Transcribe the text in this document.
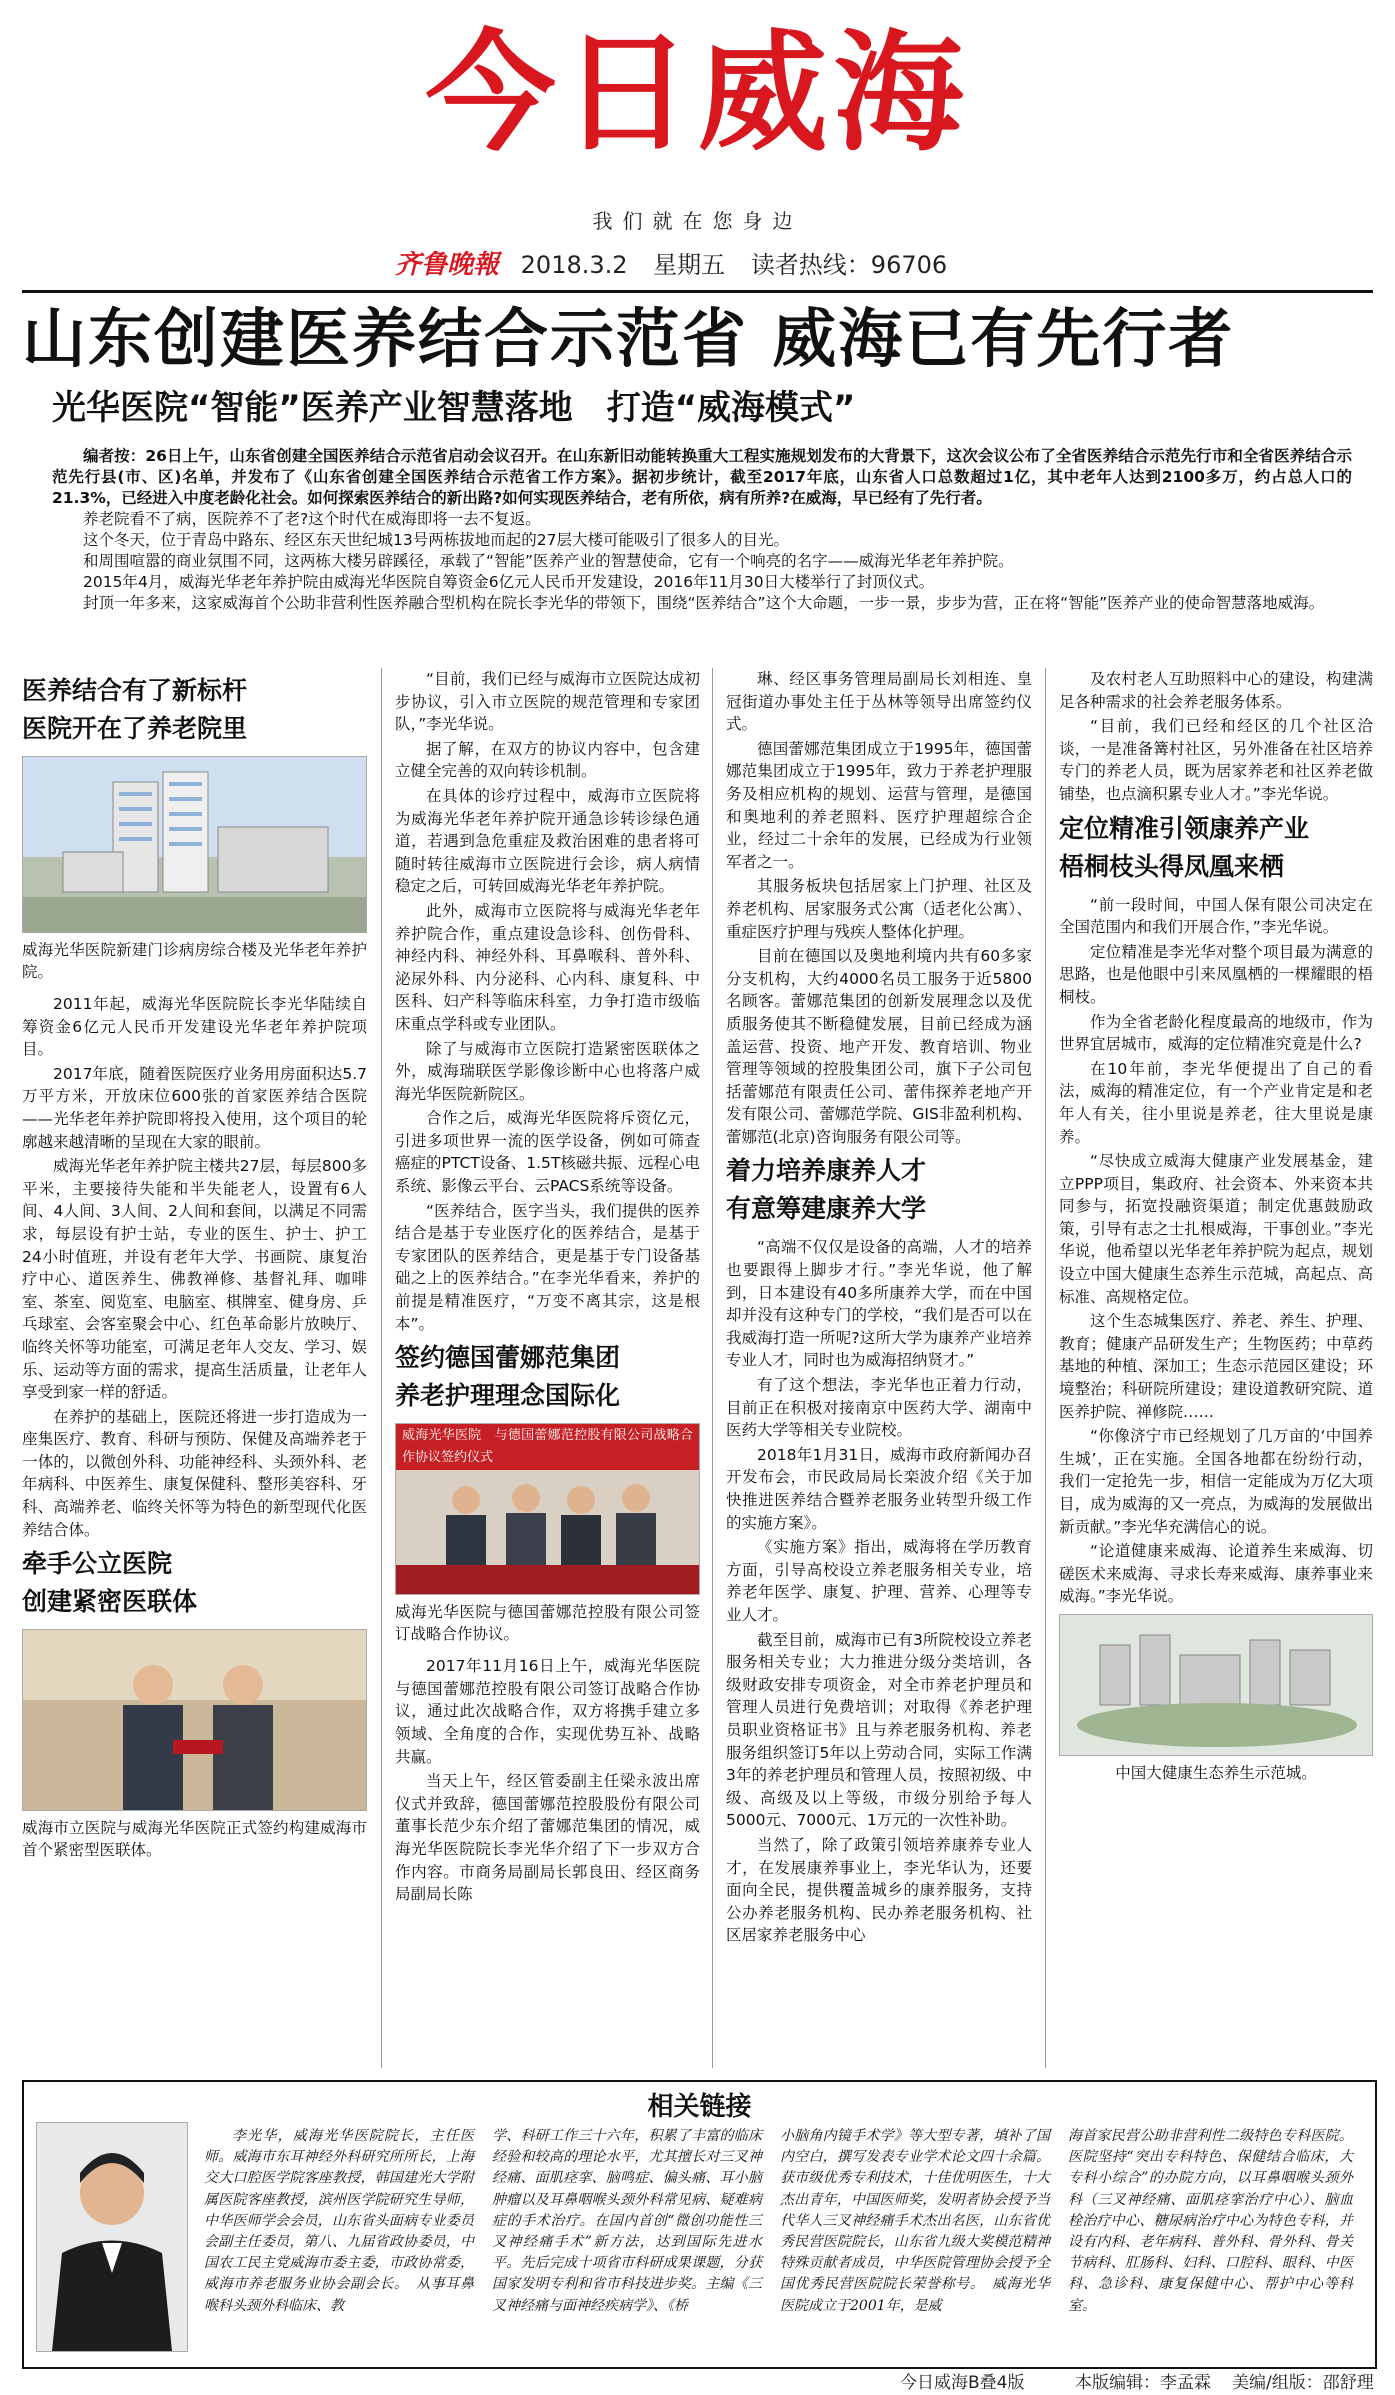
今日威海
我们就在您身边
齐鲁晚報 2018.3.2 星期五 读者热线：96706
山东创建医养结合示范省 威海已有先行者
光华医院“智能”医养产业智慧落地　打造“威海模式”

编者按：26日上午，山东省创建全国医养结合示范省启动会议召开。在山东新旧动能转换重大工程实施规划发布的大背景下，这次会议公布了全省医养结合示范先行市和全省医养结合示范先行县(市、区)名单，并发布了《山东省创建全国医养结合示范省工作方案》。据初步统计，截至2017年底，山东省人口总数超过1亿，其中老年人达到2100多万，约占总人口的21.3%，已经进入中度老龄化社会。如何探索医养结合的新出路?如何实现医养结合，老有所依，病有所养?在威海，早已经有了先行者。

养老院看不了病，医院养不了老?这个时代在威海即将一去不复返。

这个冬天，位于青岛中路东、经区东天世纪城13号两栋拔地而起的27层大楼可能吸引了很多人的目光。

和周围喧嚣的商业氛围不同，这两栋大楼另辟蹊径，承载了“智能”医养产业的智慧使命，它有一个响亮的名字——威海光华老年养护院。

2015年4月，威海光华老年养护院由威海光华医院自筹资金6亿元人民币开发建设，2016年11月30日大楼举行了封顶仪式。

封顶一年多来，这家威海首个公助非营利性医养融合型机构在院长李光华的带领下，围绕“医养结合”这个大命题，一步一景，步步为营，正在将“智能”医养产业的使命智慧落地威海。

医养结合有了新标杆
医院开在了养老院里
威海光华医院新建门诊病房综合楼及光华老年养护院。

2011年起，威海光华医院院长李光华陆续自筹资金6亿元人民币开发建设光华老年养护院项目。

2017年底，随着医院医疗业务用房面积达5.7万平方米，开放床位600张的首家医养结合医院——光华老年养护院即将投入使用，这个项目的轮廓越来越清晰的呈现在大家的眼前。

威海光华老年养护院主楼共27层，每层800多平米，主要接待失能和半失能老人，设置有6人间、4人间、3人间、2人间和套间，以满足不同需求，每层设有护士站，专业的医生、护士、护工24小时值班，并设有老年大学、书画院、康复治疗中心、道医养生、佛教禅修、基督礼拜、咖啡室、茶室、阅览室、电脑室、棋牌室、健身房、乒乓球室、会客室聚会中心、红色革命影片放映厅、临终关怀等功能室，可满足老年人交友、学习、娱乐、运动等方面的需求，提高生活质量，让老年人享受到家一样的舒适。

在养护的基础上，医院还将进一步打造成为一座集医疗、教育、科研与预防、保健及高端养老于一体的，以微创外科、功能神经科、头颈外科、老年病科、中医养生、康复保健科、整形美容科、牙科、高端养老、临终关怀等为特色的新型现代化医养结合体。

牵手公立医院
创建紧密医联体
威海市立医院与威海光华医院正式签约构建威海市首个紧密型医联体。

“目前，我们已经与威海市立医院达成初步协议，引入市立医院的规范管理和专家团队，”李光华说。

据了解，在双方的协议内容中，包含建立健全完善的双向转诊机制。

在具体的诊疗过程中，威海市立医院将为威海光华老年养护院开通急诊转诊绿色通道，若遇到急危重症及救治困难的患者将可随时转往威海市立医院进行会诊，病人病情稳定之后，可转回威海光华老年养护院。

此外，威海市立医院将与威海光华老年养护院合作，重点建设急诊科、创伤骨科、神经内科、神经外科、耳鼻喉科、普外科、泌尿外科、内分泌科、心内科、康复科、中医科、妇产科等临床科室，力争打造市级临床重点学科或专业团队。

除了与威海市立医院打造紧密医联体之外，威海瑞联医学影像诊断中心也将落户威海光华医院新院区。

合作之后，威海光华医院将斥资亿元，引进多项世界一流的医学设备，例如可筛查癌症的PTCT设备、1.5T核磁共振、远程心电系统、影像云平台、云PACS系统等设备。

“医养结合，医字当头，我们提供的医养结合是基于专业医疗化的医养结合，是基于专家团队的医养结合，更是基于专门设备基础之上的医养结合。”在李光华看来，养护的前提是精准医疗，“万变不离其宗，这是根本”。

签约德国蕾娜范集团
养老护理理念国际化
威海光华医院　与德国蕾娜范控股有限公司战略合作协议签约仪式
威海光华医院与德国蕾娜范控股有限公司签订战略合作协议。

2017年11月16日上午，威海光华医院与德国蕾娜范控股有限公司签订战略合作协议，通过此次战略合作，双方将携手建立多领域、全角度的合作，实现优势互补、战略共赢。

当天上午，经区管委副主任梁永波出席仪式并致辞，德国蕾娜范控股股份有限公司董事长范少东介绍了蕾娜范集团的情况，威海光华医院院长李光华介绍了下一步双方合作内容。市商务局副局长郭良田、经区商务局副局长陈

琳、经区事务管理局副局长刘相连、皇冠街道办事处主任于丛林等领导出席签约仪式。

德国蕾娜范集团成立于1995年，德国蕾娜范集团成立于1995年，致力于养老护理服务及相应机构的规划、运营与管理，是德国和奥地利的养老照料、医疗护理超综合企业，经过二十余年的发展，已经成为行业领军者之一。

其服务板块包括居家上门护理、社区及养老机构、居家服务式公寓（适老化公寓）、重症医疗护理与残疾人整体化护理。

目前在德国以及奥地利境内共有60多家分支机构，大约4000名员工服务于近5800名顾客。蕾娜范集团的创新发展理念以及优质服务使其不断稳健发展，目前已经成为涵盖运营、投资、地产开发、教育培训、物业管理等领域的控股集团公司，旗下子公司包括蕾娜范有限责任公司、蕾伟探养老地产开发有限公司、蕾娜范学院、GIS非盈利机构、蕾娜范(北京)咨询服务有限公司等。

着力培养康养人才
有意筹建康养大学

“高端不仅仅是设备的高端，人才的培养也要跟得上脚步才行。”李光华说，他了解到，日本建设有40多所康养大学，而在中国却并没有这种专门的学校，“我们是否可以在我威海打造一所呢?这所大学为康养产业培养专业人才，同时也为威海招纳贤才。”

有了这个想法，李光华也正着力行动，目前正在积极对接南京中医药大学、湖南中医药大学等相关专业院校。

2018年1月31日，威海市政府新闻办召开发布会，市民政局局长栾波介绍《关于加快推进医养结合暨养老服务业转型升级工作的实施方案》。

《实施方案》指出，威海将在学历教育方面，引导高校设立养老服务相关专业，培养老年医学、康复、护理、营养、心理等专业人才。

截至目前，威海市已有3所院校设立养老服务相关专业；大力推进分级分类培训，各级财政安排专项资金，对全市养老护理员和管理人员进行免费培训；对取得《养老护理员职业资格证书》且与养老服务机构、养老服务组织签订5年以上劳动合同，实际工作满3年的养老护理员和管理人员，按照初级、中级、高级及以上等级，市级分别给予每人5000元、7000元、1万元的一次性补助。

当然了，除了政策引领培养康养专业人才，在发展康养事业上，李光华认为，还要面向全民，提供覆盖城乡的康养服务，支持公办养老服务机构、民办养老服务机构、社区居家养老服务中心

及农村老人互助照料中心的建设，构建满足各种需求的社会养老服务体系。

“目前，我们已经和经区的几个社区洽谈，一是准备篝村社区，另外准备在社区培养专门的养老人员，既为居家养老和社区养老做铺垫，也点滴积累专业人才。”李光华说。

定位精准引领康养产业
梧桐枝头得凤凰来栖

“前一段时间，中国人保有限公司决定在全国范围内和我们开展合作，”李光华说。

定位精准是李光华对整个项目最为满意的思路，也是他眼中引来凤凰栖的一棵耀眼的梧桐枝。

作为全省老龄化程度最高的地级市，作为世界宜居城市，威海的定位精准究竟是什么?

在10年前，李光华便提出了自己的看法，威海的精准定位，有一个产业肯定是和老年人有关，往小里说是养老，往大里说是康养。

“尽快成立威海大健康产业发展基金，建立PPP项目，集政府、社会资本、外来资本共同参与，拓宽投融资渠道；制定优惠鼓励政策，引导有志之士扎根威海，干事创业。”李光华说，他希望以光华老年养护院为起点，规划设立中国大健康生态养生示范城，高起点、高标准、高规格定位。

这个生态城集医疗、养老、养生、护理、教育；健康产品研发生产；生物医药；中草药基地的种植、深加工；生态示范园区建设；环境整治；科研院所建设；建设道教研究院、道医养护院、禅修院……

“你像济宁市已经规划了几万亩的‘中国养生城’，正在实施。全国各地都在纷纷行动，我们一定抢先一步，相信一定能成为万亿大项目，成为威海的又一亮点，为威海的发展做出新贡献。”李光华充满信心的说。

“论道健康来威海、论道养生来威海、切磋医术来威海、寻求长寿来威海、康养事业来威海。”李光华说。

中国大健康生态养生示范城。
相关链接

李光华，威海光华医院院长，主任医师。威海市东耳神经外科研究所所长，上海交大口腔医学院客座教授，韩国建光大学附属医院客座教授，滨州医学院研究生导师，中华医师学会会员，山东省头面病专业委员会副主任委员，第八、九届省政协委员，中国农工民主党威海市委主委，市政协常委，威海市养老服务业协会副会长。　从事耳鼻喉科头颈外科临床、教

学、科研工作三十六年，积累了丰富的临床经验和较高的理论水平，尤其擅长对三叉神经痛、面肌痉挛、脑鸣症、偏头痛、耳小脑肿瘤以及耳鼻咽喉头颈外科常见病、疑难病症的手术治疗。在国内首创“微创功能性三叉神经痛手术”新方法，达到国际先进水平。先后完成十项省市科研成果课题，分获国家发明专利和省市科技进步奖。主编《三叉神经痛与面神经疾病学》、《桥

小脑角内镜手术学》等大型专著，填补了国内空白，撰写发表专业学术论文四十余篇。获市级优秀专利技术，十佳优明医生，十大杰出青年，中国医师奖，发明者协会授予当代华人三叉神经痛手术杰出名医，山东省优秀民营医院院长，山东省九级大奖模范精神特殊贡献者成员，中华医院管理协会授予全国优秀民营医院院长荣誉称号。　威海光华医院成立于2001年，是威

海首家民营公助非营利性二级特色专科医院。医院坚持“突出专科特色、保健结合临床，大专科小综合”的办院方向，以耳鼻咽喉头颈外科（三叉神经痛、面肌痉挛治疗中心）、脑血栓治疗中心、糖尿病治疗中心为特色专科，并设有内科、老年病科、普外科、骨外科、骨关节病科、肛肠科、妇科、口腔科、眼科、中医科、急诊科、康复保健中心、帮护中心等科室。

今日威海B叠4版	本版编辑：李孟霖 美编/组版：邵舒理
